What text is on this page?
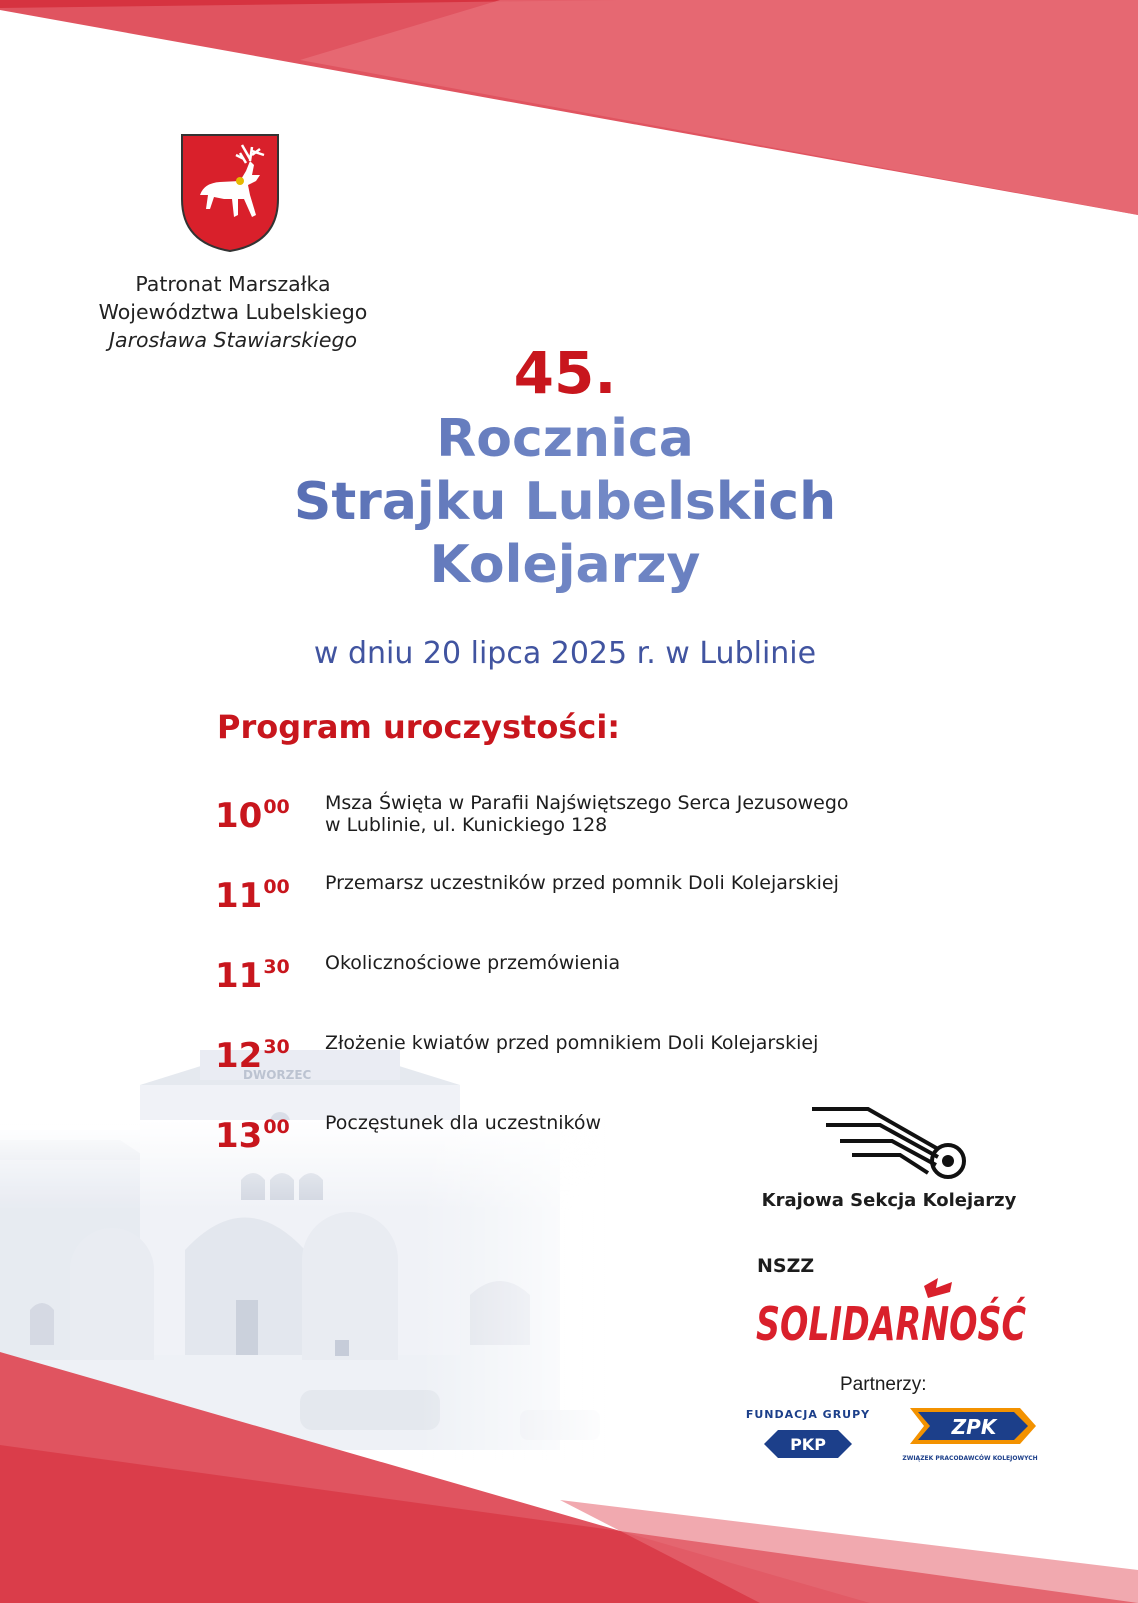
DWORZEC
Patronat Marszałka
Województwa Lubelskiego
Jarosława Stawiarskiego	45.
Rocznica
Strajku Lubelskich
Kolejarzy
w dniu 20 lipca 2025 r. w Lublinie
Program uroczystości:
$10^{00}$ Msza Święta w Parafii Najświętszego Serca Jezusowego
w Lublinie, ul. Kunickiego 128
$11^{00}$ Przemarsz uczestników przed pomnik Doli Kolejarskiej
$11^{30}$ Okolicznościowe przemówienia
$12^{30}$ Złożenie kwiatów przed pomnikiem Doli Kolejarskiej
$13^{00}$ Poczęstunek dla uczestników
Krajowa Sekcja Kolejarzy
NSZZ
SOLIDARNOŚĆ
Partnerzy:
FUNDACJA GRUPY
PKP
ZPK
ZWIĄZEK PRACODAWCÓW KOLEJOWYCH
